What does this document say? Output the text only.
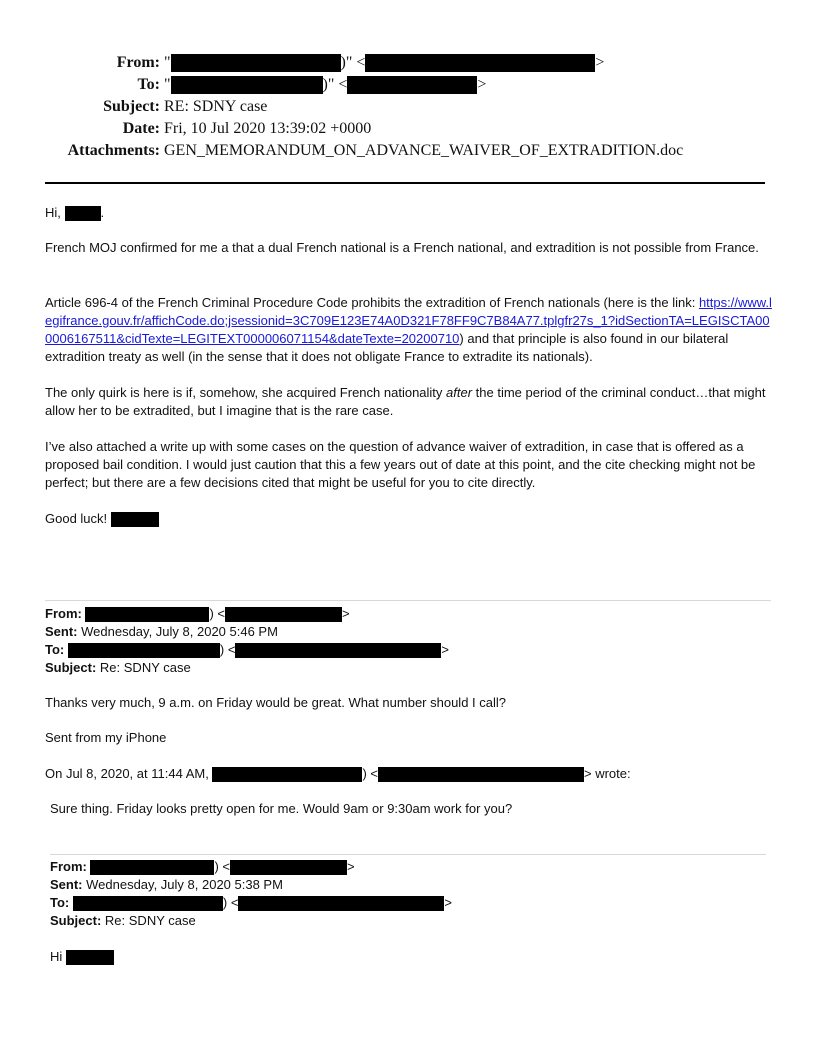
From: "	)" <	>
To: "	)" <	>
Subject: RE: SDNY case
Date: Fri, 10 Jul 2020 13:39:02 +0000
Attachments: GEN_MEMORANDUM_ON_ADVANCE_WAIVER_OF_EXTRADITION.doc
Hi,	.
French MOJ confirmed for me a that a dual French national is a French national, and extradition is not possible from France.
Article 696-4 of the French Criminal Procedure Code prohibits the extradition of French nationals (here is the link: https://www.legifrance.gouv.fr/affichCode.do;jsessionid=3C709E123E74A0D321F78FF9C7B84A77.tplgfr27s_1?idSectionTA=LEGISCTA000006167511&cidTexte=LEGITEXT000006071154&dateTexte=20200710) and that principle is also found in our bilateral extradition treaty as well (in the sense that it does not obligate France to extradite its nationals).
The only quirk is here is if, somehow, she acquired French nationality after the time period of the criminal conduct…that might allow her to be extradited, but I imagine that is the rare case.
I’ve also attached a write up with some cases on the question of advance waiver of extradition, in case that is offered as a proposed bail condition. I would just caution that this a few years out of date at this point, and the cite checking might not be perfect; but there are a few decisions cited that might be useful for you to cite directly.
Good luck!
From:	) <	>
Sent: Wednesday, July 8, 2020 5:46 PM
To:	) <	>
Subject: Re: SDNY case
Thanks very much, 9 a.m. on Friday would be great. What number should I call?
Sent from my iPhone
On Jul 8, 2020, at 11:44 AM,	) <	> wrote:
Sure thing. Friday looks pretty open for me. Would 9am or 9:30am work for you?
From:	) <	>
Sent: Wednesday, July 8, 2020 5:38 PM
To:	) <	>
Subject: Re: SDNY case
Hi
